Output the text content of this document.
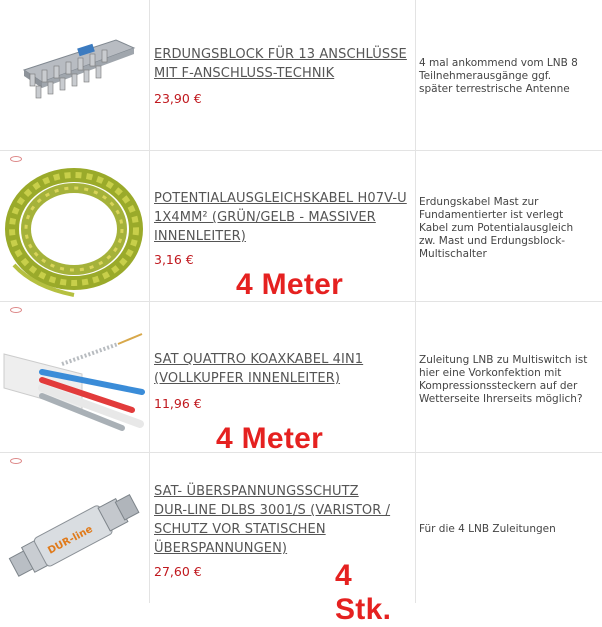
ERDUNGSBLOCK FÜR 13 ANSCHLÜSSE
MIT F-ANSCHLUSS-TECHNIK
23,90 €
4 mal ankommend vom LNB 8
Teilnehmerausgänge ggf.
später terrestrische Antenne
POTENTIALAUSGLEICHSKABEL H07V-U
1X4MM² (GRÜN/GELB - MASSIVER
INNENLEITER)
3,16 €
4 Meter
Erdungskabel Mast zur
Fundamentierter ist verlegt
Kabel zum Potentialausgleich
zw. Mast und Erdungsblock-
Multischalter
SAT QUATTRO KOAXKABEL 4IN1
(VOLLKUPFER INNENLEITER)
11,96 €
4 Meter
Zuleitung LNB zu Multiswitch ist
hier eine Vorkonfektion mit
Kompressionssteckern auf der
Wetterseite Ihrerseits möglich?
DUR-line
SAT- ÜBERSPANNUNGSSCHUTZ
DUR-LINE DLBS 3001/S (VARISTOR /
SCHUTZ VOR STATISCHEN
ÜBERSPANNUNGEN)
27,60 €	4 Stk.
Für die 4 LNB Zuleitungen
